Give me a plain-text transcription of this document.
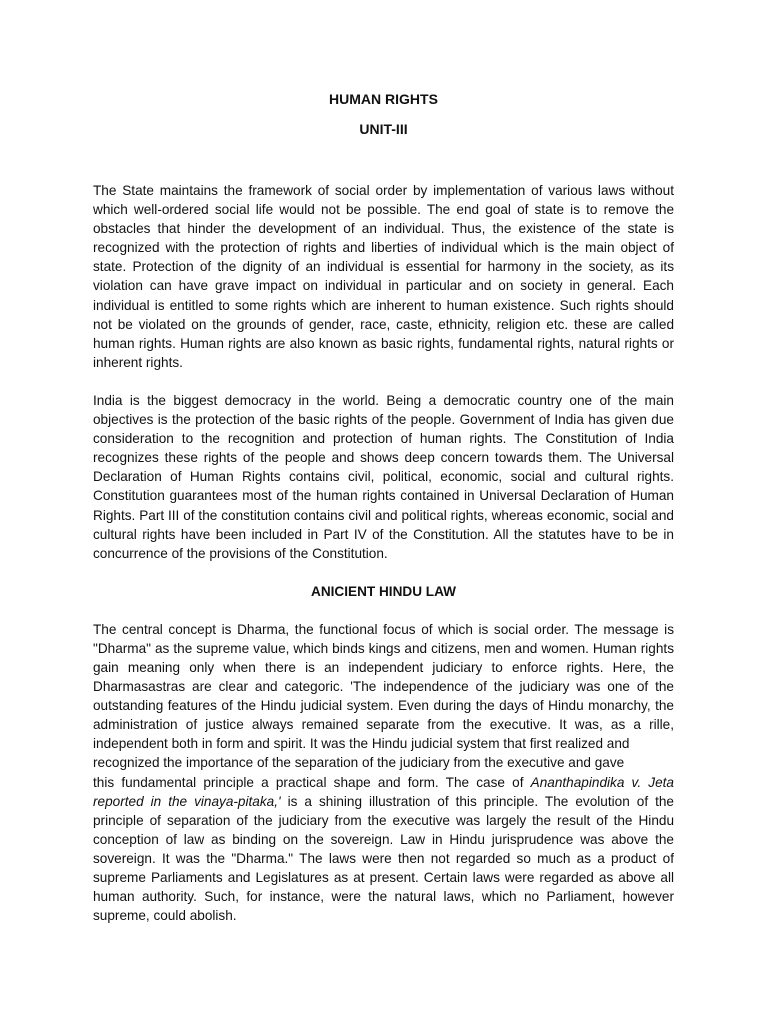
HUMAN RIGHTS
UNIT-III

The State maintains the framework of social order by implementation of various laws without which well-ordered social life would not be possible. The end goal of state is to remove the obstacles that hinder the development of an individual. Thus, the existence of the state is recognized with the protection of rights and liberties of individual which is the main object of state. Protection of the dignity of an individual is essential for harmony in the society, as its violation can have grave impact on individual in particular and on society in general. Each individual is entitled to some rights which are inherent to human existence. Such rights should not be violated on the grounds of gender, race, caste, ethnicity, religion etc. these are called human rights. Human rights are also known as basic rights, fundamental rights, natural rights or inherent rights.

India is the biggest democracy in the world. Being a democratic country one of the main objectives is the protection of the basic rights of the people. Government of India has given due consideration to the recognition and protection of human rights. The Constitution of India recognizes these rights of the people and shows deep concern towards them. The Universal Declaration of Human Rights contains civil, political, economic, social and cultural rights. Constitution guarantees most of the human rights contained in Universal Declaration of Human Rights. Part III of the constitution contains civil and political rights, whereas economic, social and cultural rights have been included in Part IV of the Constitution. All the statutes have to be in concurrence of the provisions of the Constitution.

ANICIENT HINDU LAW
The central concept is Dharma, the functional focus of which is social order. The message is "Dharma" as the supreme value, which binds kings and citizens, men and women. Human rights gain meaning only when there is an independent judiciary to enforce rights. Here, the Dharmasastras are clear and categoric. 'The independence of the judiciary was one of the outstanding features of the Hindu judicial system. Even during the days of Hindu monarchy, the administration of justice always remained separate from the executive. It was, as a rille, independent both in form and spirit. It was the Hindu judicial system that first realized and
recognized the importance of the separation of the judiciary from the executive and gave
this fundamental principle a practical shape and form. The case of Ananthapindika v. Jeta reported in the vinaya-pitaka,' is a shining illustration of this principle. The evolution of the principle of separation of the judiciary from the executive was largely the result of the Hindu conception of law as binding on the sovereign. Law in Hindu jurisprudence was above the sovereign. It was the "Dharma." The laws were then not regarded so much as a product of supreme Parliaments and Legislatures as at present. Certain laws were regarded as above all human authority. Such, for instance, were the natural laws, which no Parliament, however supreme, could abolish.
